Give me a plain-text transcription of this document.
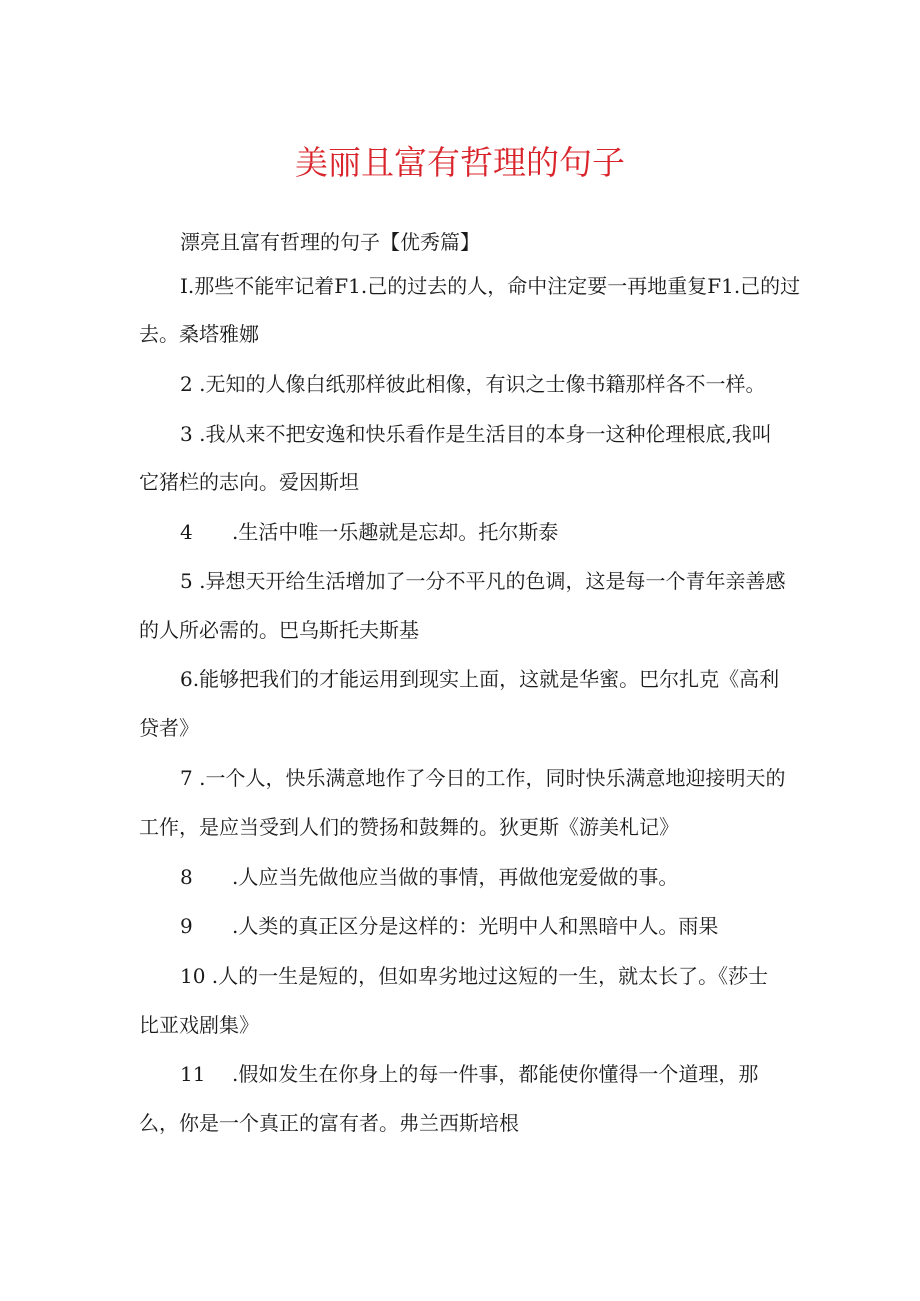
美丽且富有哲理的句子
漂亮且富有哲理的句子【优秀篇】
I.那些不能牢记着F1.己的过去的人，命中注定要一再地重复F1.己的过
去。桑塔雅娜
2 .无知的人像白纸那样彼此相像，有识之士像书籍那样各不一样。
3 .我从来不把安逸和快乐看作是生活目的本身一这种伦理根底,我叫
它猪栏的志向。爱因斯坦
4 .生活中唯一乐趣就是忘却。托尔斯泰
5 .异想天开给生活增加了一分不平凡的色调，这是每一个青年亲善感
的人所必需的。巴乌斯托夫斯基
6.能够把我们的才能运用到现实上面，这就是华蜜。巴尔扎克《高利
贷者》
7 .一个人，快乐满意地作了今日的工作，同时快乐满意地迎接明天的
工作，是应当受到人们的赞扬和鼓舞的。狄更斯《游美札记》
8 .人应当先做他应当做的事情，再做他宠爱做的事。
9 .人类的真正区分是这样的：光明中人和黑暗中人。雨果
10 .人的一生是短的，但如卑劣地过这短的一生，就太长了。《莎士
比亚戏剧集》
11 .假如发生在你身上的每一件事，都能使你懂得一个道理，那
么，你是一个真正的富有者。弗兰西斯培根
